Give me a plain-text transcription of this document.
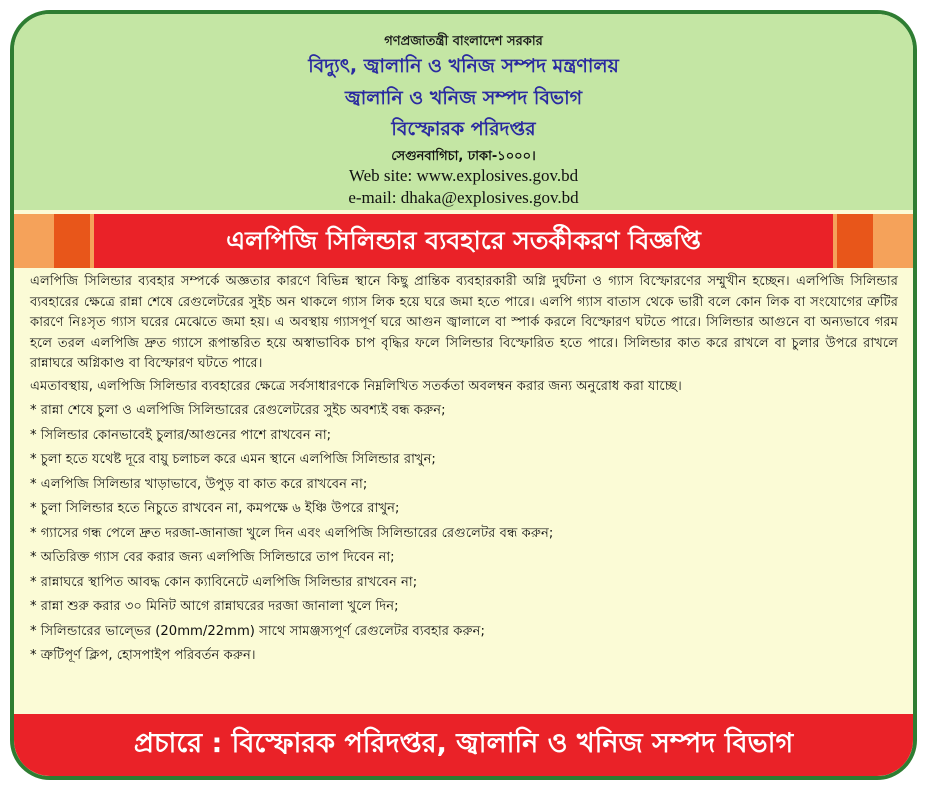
গণপ্রজাতন্ত্রী বাংলাদেশ সরকার
বিদ্যুৎ, জ্বালানি ও খনিজ সম্পদ মন্ত্রণালয়
জ্বালানি ও খনিজ সম্পদ বিভাগ
বিস্ফোরক পরিদপ্তর
সেগুনবাগিচা, ঢাকা-১০০০।
Web site: www.explosives.gov.bd
e-mail: dhaka@explosives.gov.bd
এলপিজি সিলিন্ডার ব্যবহারে সতর্কীকরণ বিজ্ঞপ্তি

এলপিজি সিলিন্ডার ব্যবহার সম্পর্কে অজ্ঞতার কারণে বিভিন্ন স্থানে কিছু প্রান্তিক ব্যবহারকারী অগ্নি দুর্ঘটনা ও গ্যাস বিস্ফোরণের সম্মুখীন হচ্ছেন। এলপিজি সিলিন্ডার ব্যবহারের ক্ষেত্রে রান্না শেষে রেগুলেটরের সুইচ অন থাকলে গ্যাস লিক হয়ে ঘরে জমা হতে পারে। এলপি গ্যাস বাতাস থেকে ভারী বলে কোন লিক বা সংযোগের ত্রুটির কারণে নিঃসৃত গ্যাস ঘরের মেঝেতে জমা হয়। এ অবস্থায় গ্যাসপূর্ণ ঘরে আগুন জ্বালালে বা স্পার্ক করলে বিস্ফোরণ ঘটতে পারে। সিলিন্ডার আগুনে বা অন্যভাবে গরম হলে তরল এলপিজি দ্রুত গ্যাসে রূপান্তরিত হয়ে অস্বাভাবিক চাপ বৃদ্ধির ফলে সিলিন্ডার বিস্ফোরিত হতে পারে। সিলিন্ডার কাত করে রাখলে বা চুলার উপরে রাখলে রান্নাঘরে অগ্নিকাণ্ড বা বিস্ফোরণ ঘটতে পারে।

এমতাবস্থায়, এলপিজি সিলিন্ডার ব্যবহারের ক্ষেত্রে সর্বসাধারণকে নিম্নলিখিত সতর্কতা অবলম্বন করার জন্য অনুরোধ করা যাচ্ছে।

* রান্না শেষে চুলা ও এলপিজি সিলিন্ডারের রেগুলেটরের সুইচ অবশ্যই বন্ধ করুন;
* সিলিন্ডার কোনভাবেই চুলার/আগুনের পাশে রাখবেন না;
* চুলা হতে যথেষ্ট দূরে বায়ু চলাচল করে এমন স্থানে এলপিজি সিলিন্ডার রাখুন;
* এলপিজি সিলিন্ডার খাড়াভাবে, উপুড় বা কাত করে রাখবেন না;
* চুলা সিলিন্ডার হতে নিচুতে রাখবেন না, কমপক্ষে ৬ ইঞ্চি উপরে রাখুন;
* গ্যাসের গন্ধ পেলে দ্রুত দরজা-জানাজা খুলে দিন এবং এলপিজি সিলিন্ডারের রেগুলেটর বন্ধ করুন;
* অতিরিক্ত গ্যাস বের করার জন্য এলপিজি সিলিন্ডারে তাপ দিবেন না;
* রান্নাঘরে স্থাপিত আবদ্ধ কোন ক্যাবিনেটে এলপিজি সিলিন্ডার রাখবেন না;
* রান্না শুরু করার ৩০ মিনিট আগে রান্নাঘরের দরজা জানালা খুলে দিন;
* সিলিন্ডারের ভাল্ভের (20mm/22mm) সাথে সামঞ্জস্যপূর্ণ রেগুলেটর ব্যবহার করুন;
* ত্রুটিপূর্ণ ক্লিপ, হোসপাইপ পরিবর্তন করুন।
প্রচারে : বিস্ফোরক পরিদপ্তর, জ্বালানি ও খনিজ সম্পদ বিভাগ
